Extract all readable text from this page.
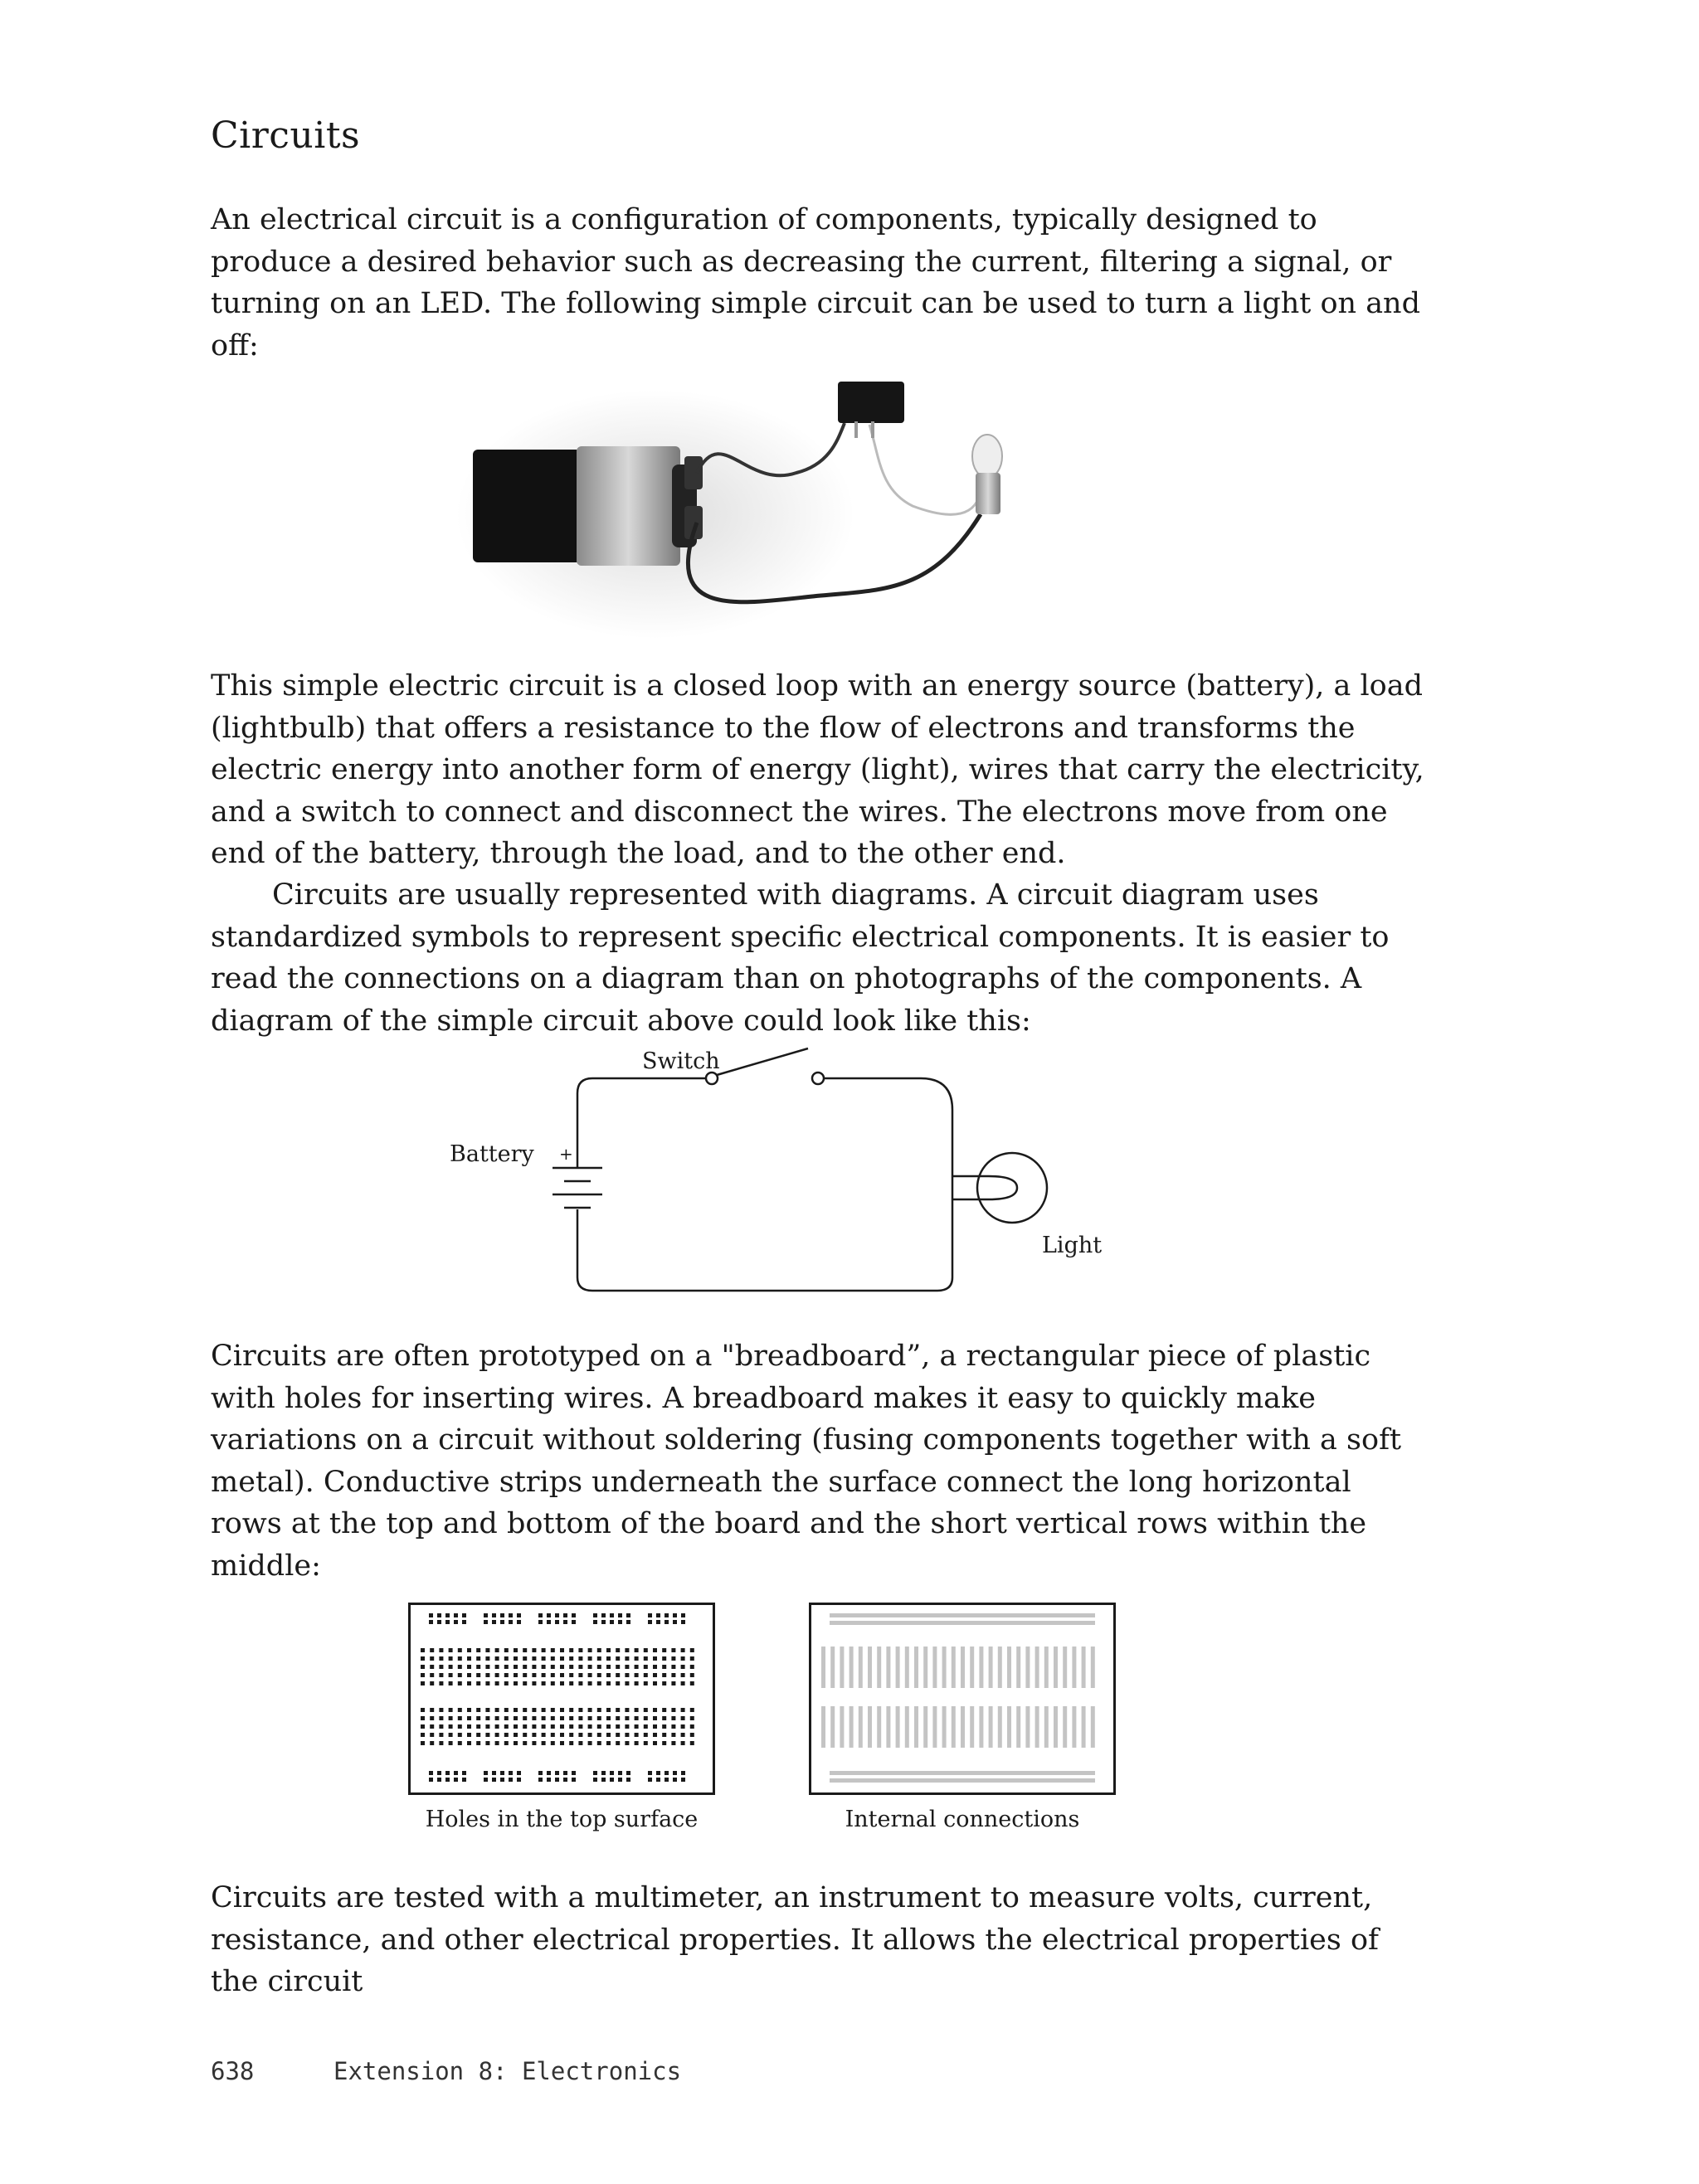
Circuits

An electrical circuit is a configuration of components, typically designed to produce a desired behavior such as decreasing the current, filtering a signal, or turning on an LED. The following simple circuit can be used to turn a light on and off:

This simple electric circuit is a closed loop with an energy source (battery), a load (lightbulb) that offers a resistance to the flow of electrons and transforms the electric energy into another form of energy (light), wires that carry the electricity, and a switch to connect and disconnect the wires. The electrons move from one end of the battery, through the load, and to the other end.

Circuits are usually represented with diagrams. A circuit diagram uses standardized symbols to represent specific electrical components. It is easier to read the connections on a diagram than on photographs of the components. A diagram of the simple circuit above could look like this:

Switch
+
Battery
Light

Circuits are often prototyped on a "breadboard”, a rectangular piece of plastic with holes for inserting wires. A breadboard makes it easy to quickly make variations on a circuit without soldering (fusing components together with a soft metal). Conductive strips underneath the surface connect the long horizontal rows at the top and bottom of the board and the short vertical rows within the middle:

Holes in the top surface	Internal connections

Circuits are tested with a multimeter, an instrument to measure volts, current, resistance, and other electrical properties. It allows the electrical properties of the circuit

638	Extension 8: Electronics
